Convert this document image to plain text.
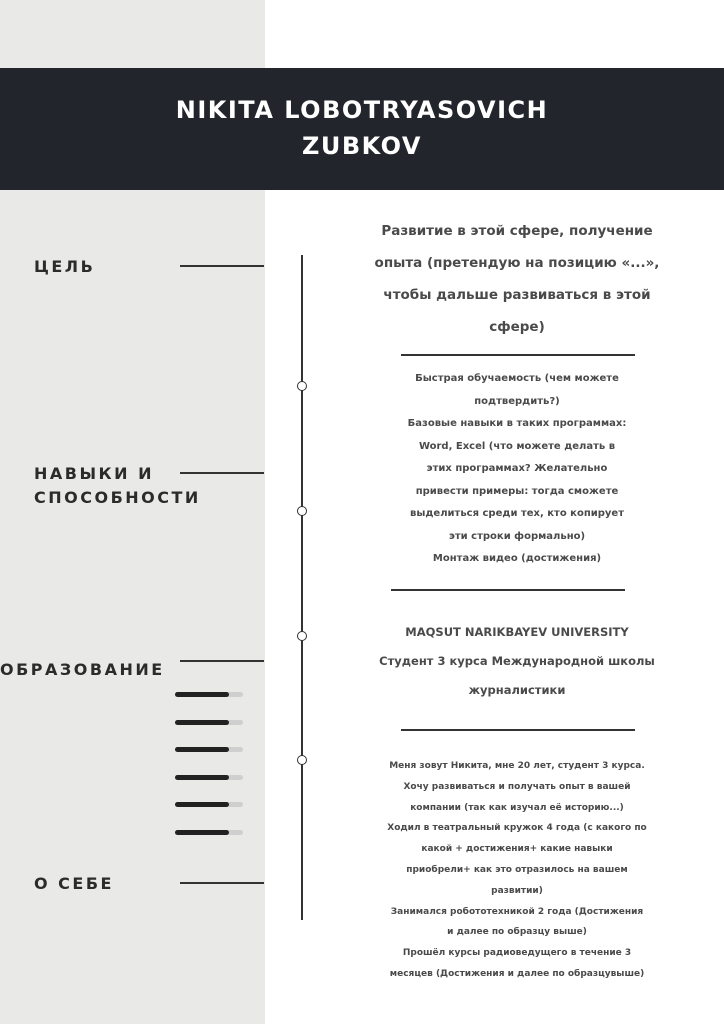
NIKITA LOBOTRYASOVICH
ZUBKOV
ЦЕЛЬ
НАВЫКИ И
СПОСОБНОСТИ
ОБРАЗОВАНИЕ
О СЕБЕ
Развитие в этой сфере, получение
опыта (претендую на позицию «...»,
чтобы дальше развиваться в этой
сфере)
Быстрая обучаемость (чем можете
подтвердить?)
Базовые навыки в таких программах:
Word, Excel (что можете делать в
этих программах? Желательно
привести примеры: тогда сможете
выделиться среди тех, кто копирует
эти строки формально)
Монтаж видео (достижения)
MAQSUT NARIKBAYEV UNIVERSITY
Студент 3 курса Международной школы
журналистики
Меня зовут Никита, мне 20 лет, студент 3 курса.
Хочу развиваться и получать опыт в вашей
компании (так как изучал её историю...)
Ходил в театральный кружок 4 года (с какого по
какой + достижения+ какие навыки
приобрели+ как это отразилось на вашем
развитии)
Занимался робототехникой 2 года (Достижения
и далее по образцу выше)
Прошёл курсы радиоведущего в течение 3
месяцев (Достижения и далее по образцувыше)
